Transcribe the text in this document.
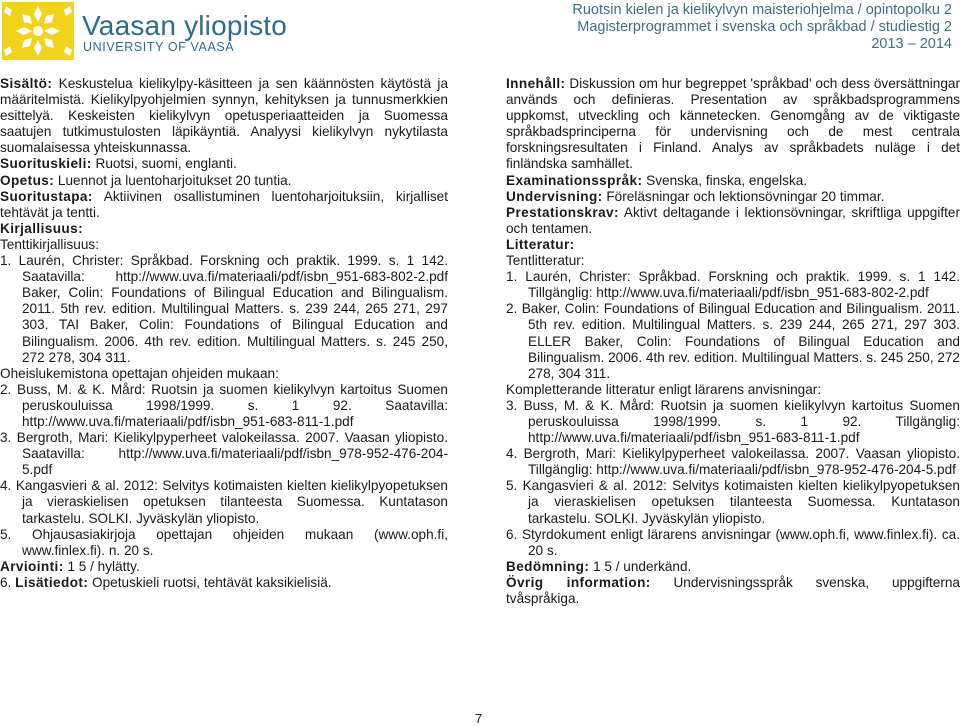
Vaasan yliopisto
UNIVERSITY OF VAASA
Ruotsin kielen ja kielikylvyn maisteriohjelma / opintopolku 2
Magisterprogrammet i svenska och språkbad / studiestig 2
2013 – 2014

Sisältö: Keskustelua kielikylpy-käsitteen ja sen käännösten käytöstä ja määritelmistä. Kielikylpyohjelmien synnyn, kehityksen ja tunnusmerkkien esittelyä. Keskeisten kielikylvyn opetusperiaatteiden ja Suomessa saatujen tutkimustulosten läpikäyntiä. Analyysi kielikylvyn nykytilasta suomalaisessa yhteiskunnassa.

Suorituskieli: Ruotsi, suomi, englanti.

Opetus: Luennot ja luentoharjoitukset 20 tuntia.

Suoritustapa: Aktiivinen osallistuminen luentoharjoituksiin, kirjalliset tehtävät ja tentti.

Kirjallisuus:

Tenttikirjallisuus:

1. Laurén, Christer: Språkbad. Forskning och praktik. 1999. s. 1 142. Saatavilla: http://www.uva.fi/materiaali/pdf/isbn_951-683-802-2.pdf Baker, Colin: Foundations of Bilingual Education and Bilingualism. 2011. 5th rev. edition. Multilingual Matters. s. 239 244, 265 271, 297 303. TAI Baker, Colin: Foundations of Bilingual Education and Bilingualism. 2006. 4th rev. edition. Multilingual Matters. s. 245 250, 272 278, 304 311.

Oheislukemistona opettajan ohjeiden mukaan:

2. Buss, M. & K. Mård: Ruotsin ja suomen kielikylvyn kartoitus Suomen peruskouluissa 1998/1999. s. 1 92. Saatavilla: http://www.uva.fi/materiaali/pdf/isbn_951-683-811-1.pdf

3. Bergroth, Mari: Kielikylpyperheet valokeilassa. 2007. Vaasan yliopisto. Saatavilla: http://www.uva.fi/materiaali/pdf/isbn_978-952-476-204-5.pdf

4. Kangasvieri & al. 2012: Selvitys kotimaisten kielten kielikylpyopetuksen ja vieraskielisen opetuksen tilanteesta Suomessa. Kuntatason tarkastelu. SOLKI. Jyväskylän yliopisto.

5. Ohjausasiakirjoja opettajan ohjeiden mukaan (www.oph.fi, www.finlex.fi). n. 20 s.

Arviointi: 1 5 / hylätty.

6. Lisätiedot: Opetuskieli ruotsi, tehtävät kaksikielisiä.

Innehåll: Diskussion om hur begreppet 'språkbad' och dess översättningar används och definieras. Presentation av språkbadsprogrammens uppkomst, utveckling och kännetecken. Genomgång av de viktigaste språkbadsprinciperna för undervisning och de mest centrala forskningsresultaten i Finland. Analys av språkbadets nuläge i det finländska samhället.

Examinationsspråk: Svenska, finska, engelska.

Undervisning: Föreläsningar och lektionsövningar 20 timmar.

Prestationskrav: Aktivt deltagande i lektionsövningar, skriftliga uppgifter och tentamen.

Litteratur:

Tentlitteratur:

1. Laurén, Christer: Språkbad. Forskning och praktik. 1999. s. 1 142. Tillgänglig: http://www.uva.fi/materiaali/pdf/isbn_951-683-802-2.pdf

2. Baker, Colin: Foundations of Bilingual Education and Bilingualism. 2011. 5th rev. edition. Multilingual Matters. s. 239 244, 265 271, 297 303. ELLER Baker, Colin: Foundations of Bilingual Education and Bilingualism. 2006. 4th rev. edition. Multilingual Matters. s. 245 250, 272 278, 304 311.

Kompletterande litteratur enligt lärarens anvisningar:

3. Buss, M. & K. Mård: Ruotsin ja suomen kielikylvyn kartoitus Suomen peruskouluissa 1998/1999. s. 1 92. Tillgänglig: http://www.uva.fi/materiaali/pdf/isbn_951-683-811-1.pdf

4. Bergroth, Mari: Kielikylpyperheet valokeilassa. 2007. Vaasan yliopisto. Tillgänglig: http://www.uva.fi/materiaali/pdf/isbn_978-952-476-204-5.pdf

5. Kangasvieri & al. 2012: Selvitys kotimaisten kielten kielikylpyopetuksen ja vieraskielisen opetuksen tilanteesta Suomessa. Kuntatason tarkastelu. SOLKI. Jyväskylän yliopisto.

6. Styrdokument enligt lärarens anvisningar (www.oph.fi, www.finlex.fi). ca. 20 s.

Bedömning: 1 5 / underkänd.

Övrig information: Undervisningsspråk svenska, uppgifterna tvåspråkiga.

7
